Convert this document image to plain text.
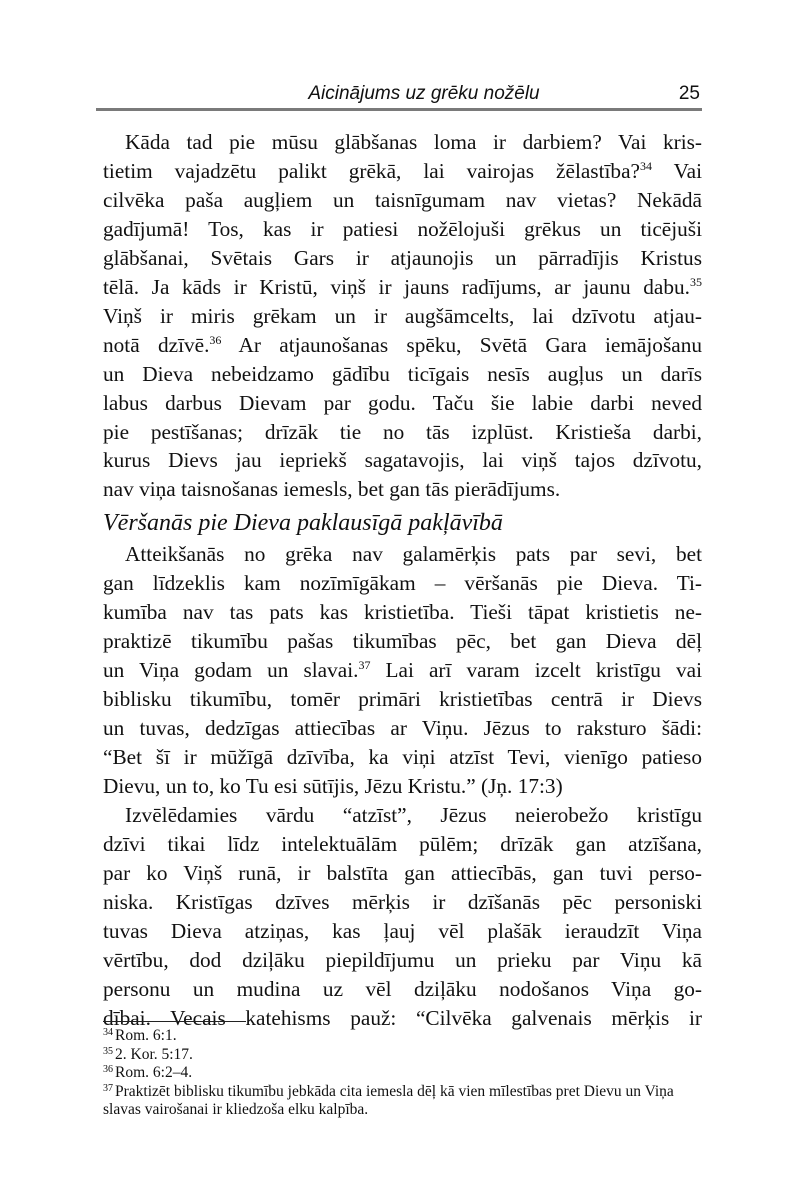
Aicinājums uz grēku nožēlu	25
Kāda tad pie mūsu glābšanas loma ir darbiem? Vai kris-
tietim vajadzētu palikt grēkā, lai vairojas žēlastība?$^{34}$ Vai
cilvēka paša augļiem un taisnīgumam nav vietas? Nekādā
gadījumā! Tos, kas ir patiesi nožēlojuši grēkus un ticējuši
glābšanai, Svētais Gars ir atjaunojis un pārradījis Kristus
tēlā. Ja kāds ir Kristū, viņš ir jauns radījums, ar jaunu dabu.$^{35}$
Viņš ir miris grēkam un ir augšāmcelts, lai dzīvotu atjau-
notā dzīvē.$^{36}$ Ar atjaunošanas spēku, Svētā Gara iemājošanu
un Dieva nebeidzamo gādību ticīgais nesīs augļus un darīs
labus darbus Dievam par godu. Taču šie labie darbi neved
pie pestīšanas; drīzāk tie no tās izplūst. Kristieša darbi,
kurus Dievs jau iepriekš sagatavojis, lai viņš tajos dzīvotu,
nav viņa taisnošanas iemesls, bet gan tās pierādījums.
Vēršanās pie Dieva paklausīgā pakļāvībā
Atteikšanās no grēka nav galamērķis pats par sevi, bet
gan līdzeklis kam nozīmīgākam – vēršanās pie Dieva. Ti-
kumība nav tas pats kas kristietība. Tieši tāpat kristietis ne-
praktizē tikumību pašas tikumības pēc, bet gan Dieva dēļ
un Viņa godam un slavai.$^{37}$ Lai arī varam izcelt kristīgu vai
biblisku tikumību, tomēr primāri kristietības centrā ir Dievs
un tuvas, dedzīgas attiecības ar Viņu. Jēzus to raksturo šādi:
“Bet šī ir mūžīgā dzīvība, ka viņi atzīst Tevi, vienīgo patieso
Dievu, un to, ko Tu esi sūtījis, Jēzu Kristu.” (Jņ. 17:3)
Izvēlēdamies vārdu “atzīst”, Jēzus neierobežo kristīgu
dzīvi tikai līdz intelektuālām pūlēm; drīzāk gan atzīšana,
par ko Viņš runā, ir balstīta gan attiecībās, gan tuvi perso-
niska. Kristīgas dzīves mērķis ir dzīšanās pēc personiski
tuvas Dieva atziņas, kas ļauj vēl plašāk ieraudzīt Viņa
vērtību, dod dziļāku piepildījumu un prieku par Viņu kā
personu un mudina uz vēl dziļāku nodošanos Viņa go-
dībai. Vecais katehisms pauž: “Cilvēka galvenais mērķis ir

$^{34}$ Rom. 6:1.

$^{35}$ 2. Kor. 5:17.

$^{36}$ Rom. 6:2–4.

$^{37}$ Praktizēt biblisku tikumību jebkāda cita iemesla dēļ kā vien mīlestības pret Dievu un Viņa slavas vairošanai ir kliedzoša elku kalpība.
